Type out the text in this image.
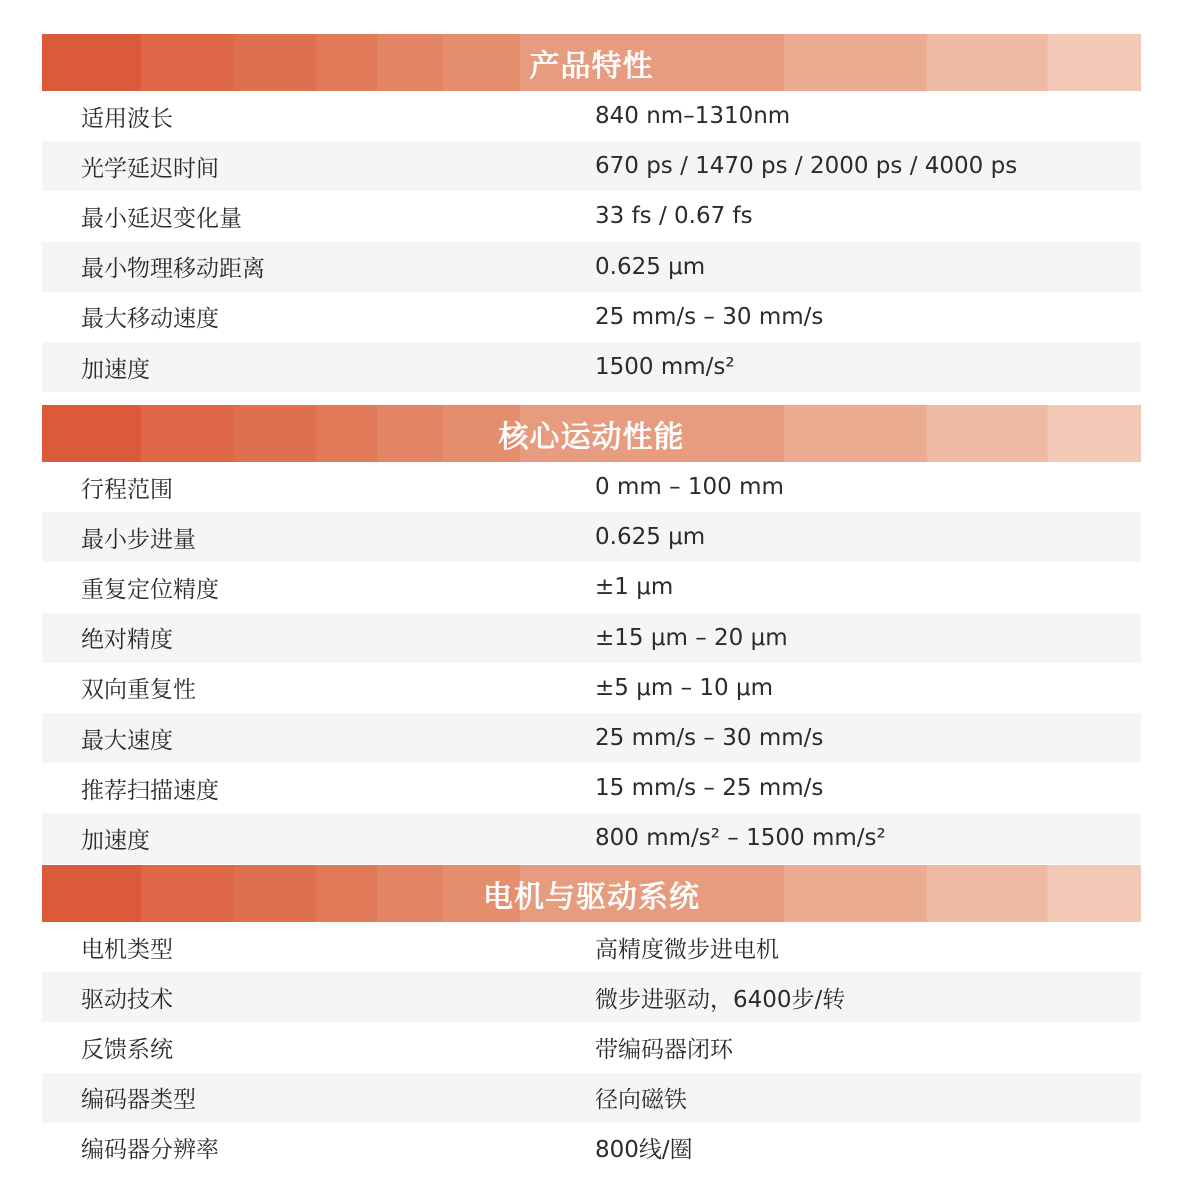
产品特性
适用波长	840 nm–1310nm
光学延迟时间	670 ps / 1470 ps / 2000 ps / 4000 ps
最小延迟变化量	33 fs / 0.67 fs
最小物理移动距离	0.625 μm
最大移动速度	25 mm/s – 30 mm/s
加速度	1500 mm/s²
核心运动性能
行程范围	0 mm – 100 mm
最小步进量	0.625 μm
重复定位精度	±1 μm
绝对精度	±15 μm – 20 μm
双向重复性	±5 μm – 10 μm
最大速度	25 mm/s – 30 mm/s
推荐扫描速度	15 mm/s – 25 mm/s
加速度	800 mm/s² – 1500 mm/s²
电机与驱动系统
电机类型	高精度微步进电机
驱动技术	微步进驱动，6400步/转
反馈系统	带编码器闭环
编码器类型	径向磁铁
编码器分辨率	800线/圈
